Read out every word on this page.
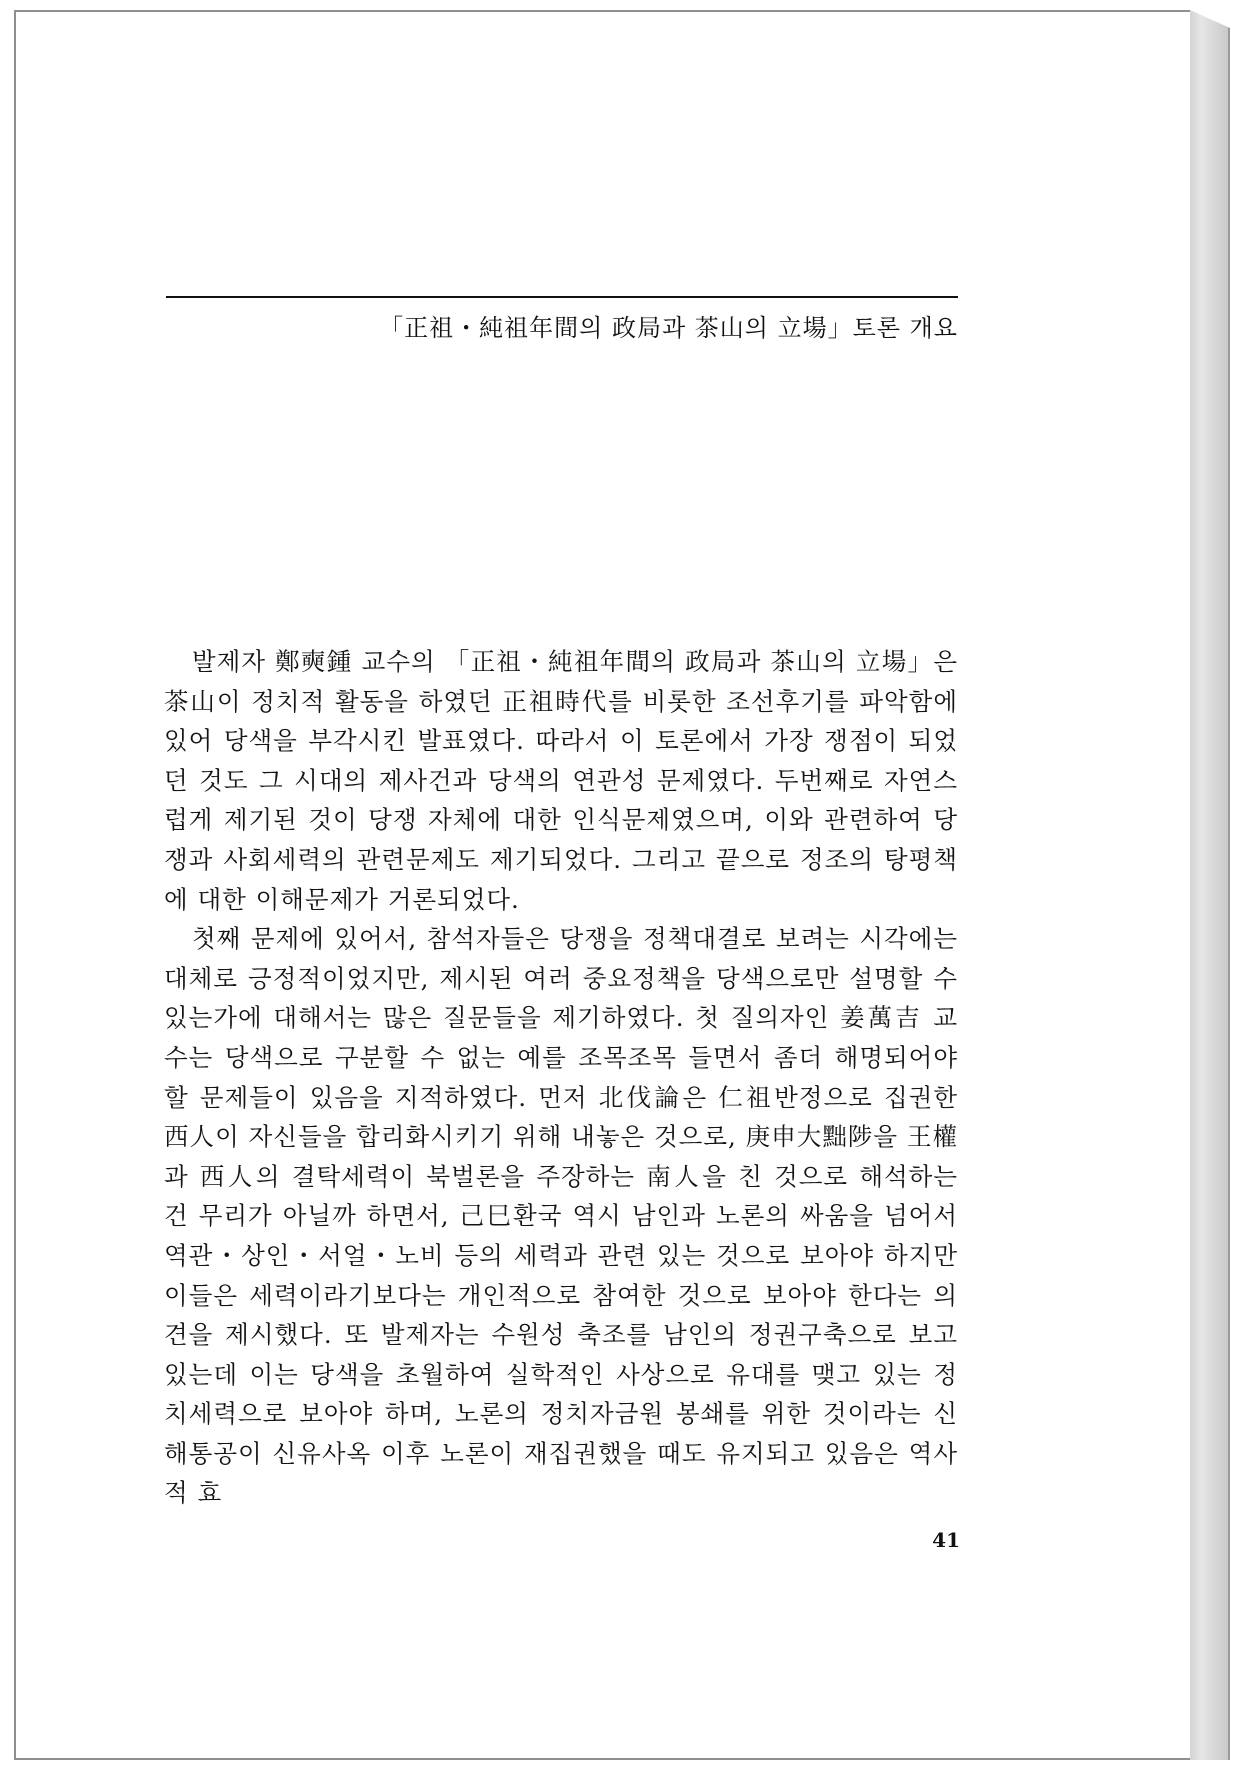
「正祖・純祖年間의 政局과 茶山의 立場」토론 개요

발제자 鄭奭鍾 교수의 「正祖・純祖年間의 政局과 茶山의 立場」은 茶山이 정치적 활동을 하였던 正祖時代를 비롯한 조선후기를 파악함에 있어 당색을 부각시킨 발표였다. 따라서 이 토론에서 가장 쟁점이 되었던 것도 그 시대의 제사건과 당색의 연관성 문제였다. 두번째로 자연스럽게 제기된 것이 당쟁 자체에 대한 인식문제였으며, 이와 관련하여 당쟁과 사회세력의 관련문제도 제기되었다. 그리고 끝으로 정조의 탕평책에 대한 이해문제가 거론되었다.

첫째 문제에 있어서, 참석자들은 당쟁을 정책대결로 보려는 시각에는 대체로 긍정적이었지만, 제시된 여러 중요정책을 당색으로만 설명할 수 있는가에 대해서는 많은 질문들을 제기하였다. 첫 질의자인 姜萬吉 교수는 당색으로 구분할 수 없는 예를 조목조목 들면서 좀더 해명되어야 할 문제들이 있음을 지적하였다. 먼저 北伐論은 仁祖반정으로 집권한 西人이 자신들을 합리화시키기 위해 내놓은 것으로, 庚申大黜陟을 王權과 西人의 결탁세력이 북벌론을 주장하는 南人을 친 것으로 해석하는 건 무리가 아닐까 하면서, 己巳환국 역시 남인과 노론의 싸움을 넘어서 역관・상인・서얼・노비 등의 세력과 관련 있는 것으로 보아야 하지만 이들은 세력이라기보다는 개인적으로 참여한 것으로 보아야 한다는 의견을 제시했다. 또 발제자는 수원성 축조를 남인의 정권구축으로 보고 있는데 이는 당색을 초월하여 실학적인 사상으로 유대를 맺고 있는 정치세력으로 보아야 하며, 노론의 정치자금원 봉쇄를 위한 것이라는 신해통공이 신유사옥 이후 노론이 재집권했을 때도 유지되고 있음은 역사적 효

41
